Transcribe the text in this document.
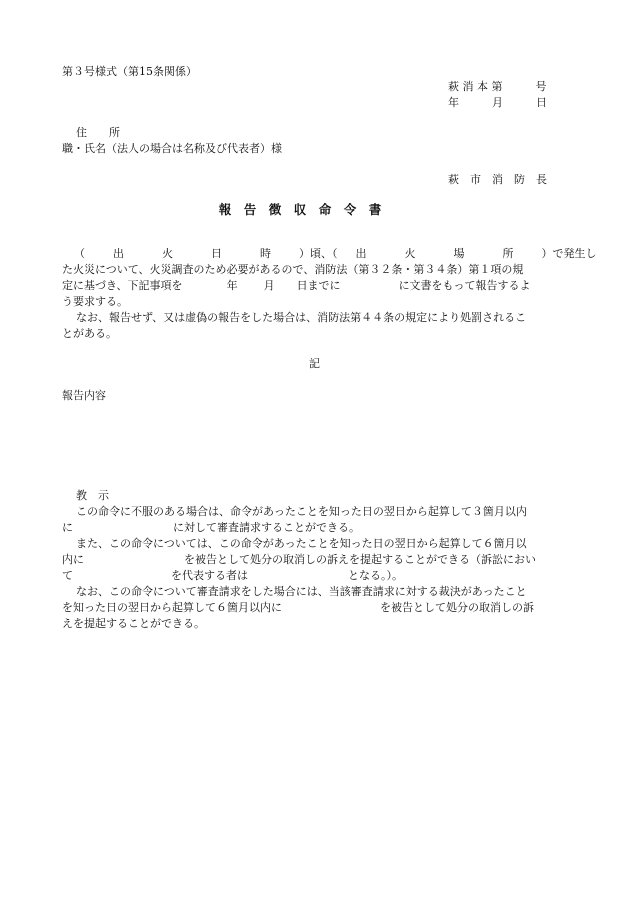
第３号様式（第15条関係）
萩 消 本 第　　　号
年　　　月　　　日
住　　所
職・氏名（法人の場合は名称及び代表者）様
萩　市　消　防　長
報　告　徴　収　命　令　書
（	出	火	日	時	）頃、（ 出	火	場	所	）で発生し
た火災について、火災調査のため必要があるので、消防法（第３２条・第３４条）第１項の規
定に基づき、下記事項を	年 月 日までに	に文書をもって報告するよ
う要求する。
なお、報告せず、又は虚偽の報告をした場合は、消防法第４４条の規定により処罰されるこ
とがある。
記
報告内容
教　示
この命令に不服のある場合は、命令があったことを知った日の翌日から起算して３箇月以内
に	に対して審査請求することができる。
また、この命令については、この命令があったことを知った日の翌日から起算して６箇月以
内に	を被告として処分の取消しの訴えを提起することができる（訴訟におい
て	を代表する者は	となる。）。
なお、この命令について審査請求をした場合には、当該審査請求に対する裁決があったこと
を知った日の翌日から起算して６箇月以内に	を被告として処分の取消しの訴
えを提起することができる。
